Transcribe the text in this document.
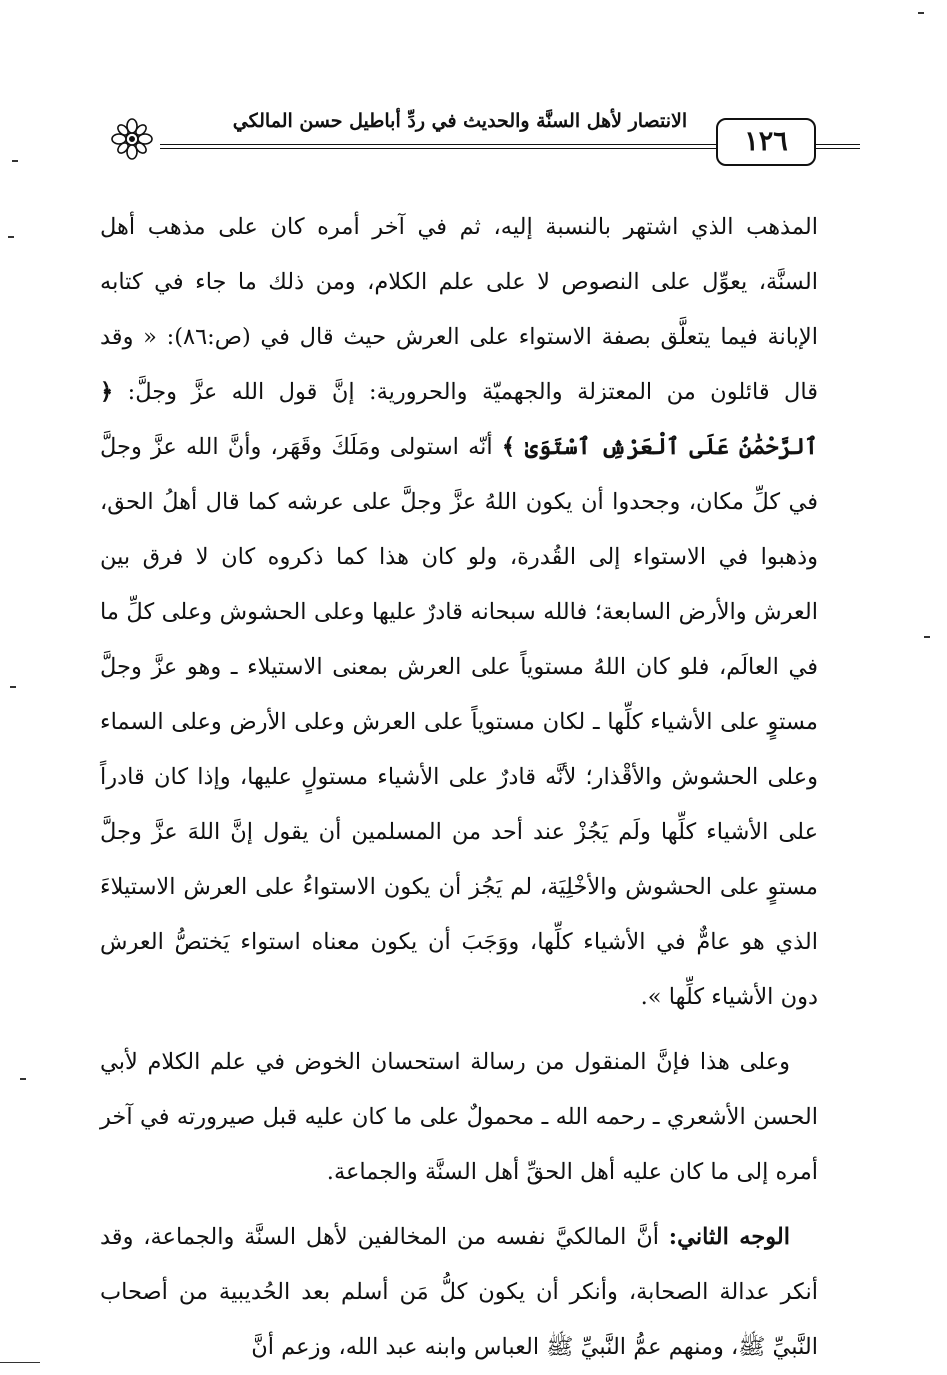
الانتصار لأهل السنَّة والحديث في ردِّ أباطيل حسن المالكي
١٢٦

المذهب الذي اشتهر بالنسبة إليه، ثم في آخر أمره كان على مذهب أهل السنَّة، يعوِّل على النصوص لا على علم الكلام، ومن ذلك ما جاء في كتابه الإبانة فيما يتعلَّق بصفة الاستواء على العرش حيث قال في (ص:٨٦): « وقد قال قائلون من المعتزلة والجهميّة والحرورية: إنَّ قول الله عزَّ وجلَّ: ﴿ ٱلرَّحْمَٰنُ عَلَى ٱلْعَرْشِ ٱسْتَوَىٰ ﴾ أنّه استولى ومَلَكَ وقَهَر، وأنَّ الله عزَّ وجلَّ في كلِّ مكان، وجحدوا أن يكون اللهُ عزَّ وجلَّ على عرشه كما قال أهلُ الحق، وذهبوا في الاستواء إلى القُدرة، ولو كان هذا كما ذكروه كان لا فرق بين العرش والأرض السابعة؛ فالله سبحانه قادرٌ عليها وعلى الحشوش وعلى كلِّ ما في العالَم، فلو كان اللهُ مستوياً على العرش بمعنى الاستيلاء ـ وهو عزَّ وجلَّ مستوٍ على الأشياء كلِّها ـ لكان مستوياً على العرش وعلى الأرض وعلى السماء وعلى الحشوش والأقْذار؛ لأنَّه قادرٌ على الأشياء مستولٍ عليها، وإذا كان قادراً على الأشياء كلِّها ولَم يَجُزْ عند أحد من المسلمين أن يقول إنَّ اللهَ عزَّ وجلَّ مستوٍ على الحشوش والأخْلِيَة، لم يَجُز أن يكون الاستواءُ على العرش الاستيلاءَ الذي هو عامٌّ في الأشياء كلِّها، ووَجَبَ أن يكون معناه استواء يَختصُّ العرش دون الأشياء كلِّها ».

وعلى هذا فإنَّ المنقول من رسالة استحسان الخوض في علم الكلام لأبي الحسن الأشعري ـ رحمه الله ـ محمولٌ على ما كان عليه قبل صيرورته في آخر أمره إلى ما كان عليه أهل الحقِّ أهل السنَّة والجماعة.

الوجه الثاني: أنَّ المالكيَّ نفسه من المخالفين لأهل السنَّة والجماعة، وقد أنكر عدالة الصحابة، وأنكر أن يكون كلُّ مَن أسلم بعد الحُديبية من أصحاب النَّبيِّ ﷺ، ومنهم عمُّ النَّبيِّ ﷺ العباس وابنه عبد الله، وزعم أنَّ
